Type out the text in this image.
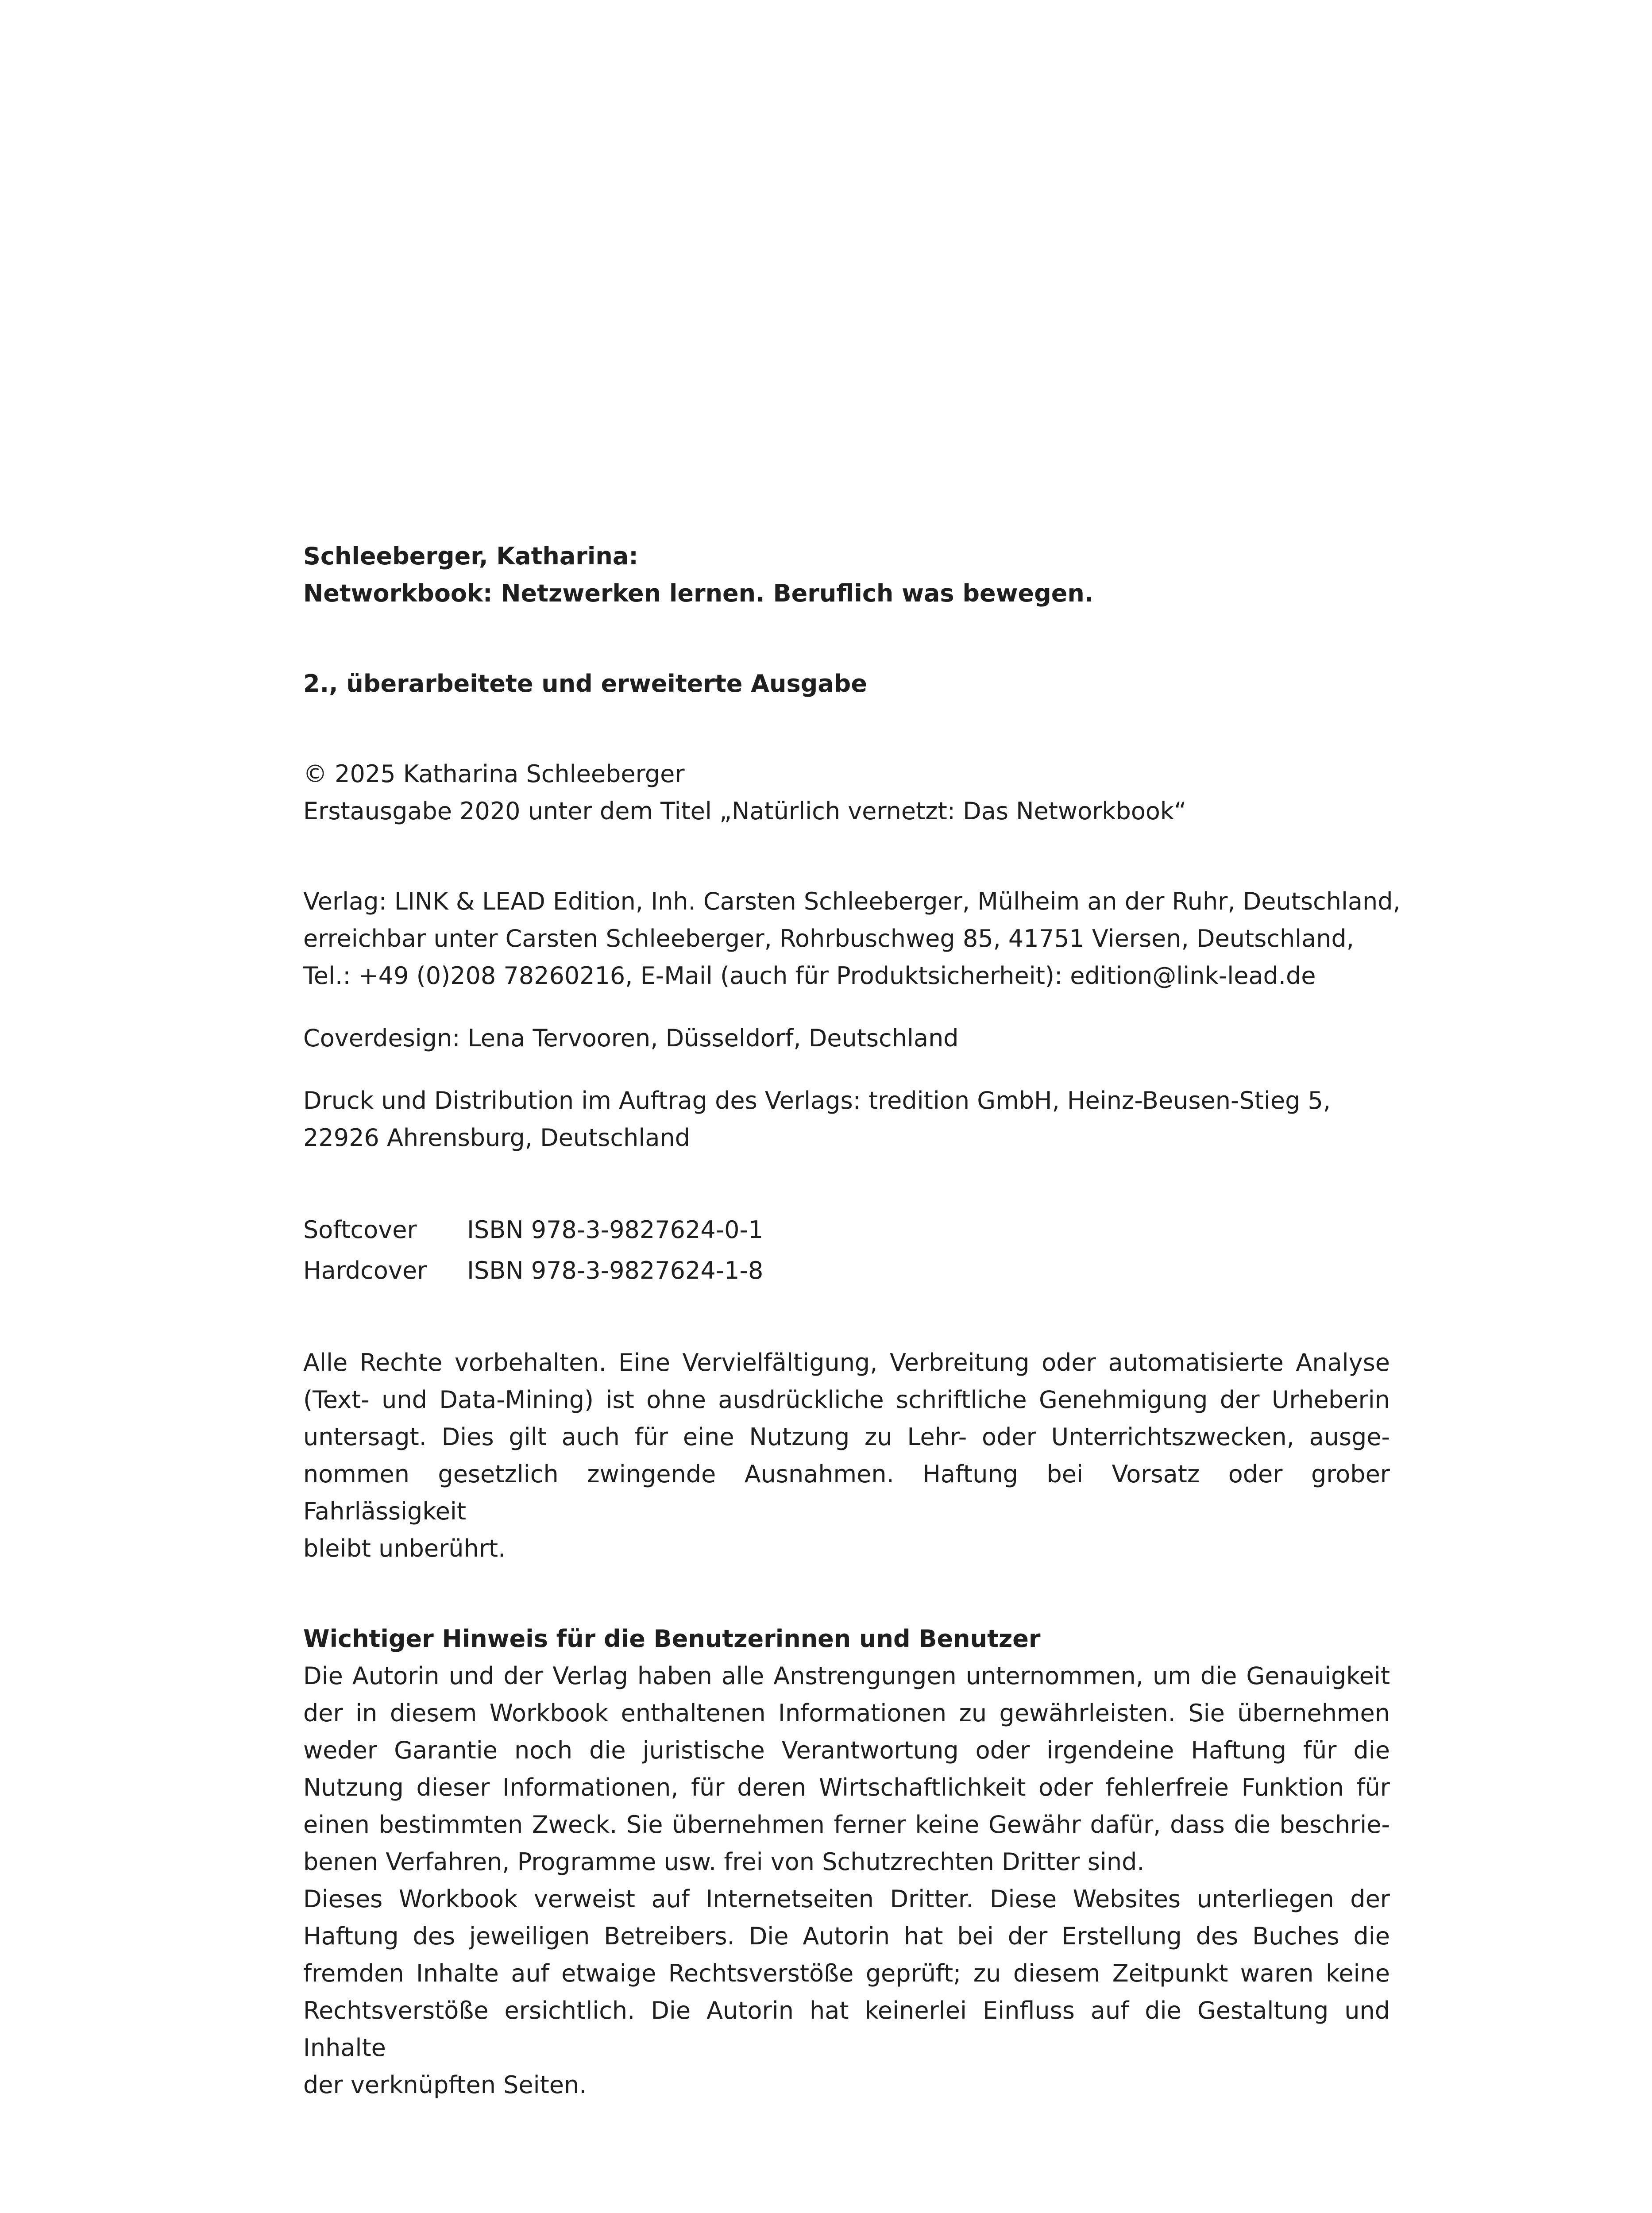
Schleeberger, Katharina:
Networkbook: Netzwerken lernen. Beruflich was bewegen.
2., überarbeitete und erweiterte Ausgabe
© 2025 Katharina Schleeberger
Erstausgabe 2020 unter dem Titel „Natürlich vernetzt: Das Networkbook“
Verlag: LINK & LEAD Edition, Inh. Carsten Schleeberger, Mülheim an der Ruhr, Deutschland,
erreichbar unter Carsten Schleeberger, Rohrbuschweg 85, 41751 Viersen, Deutschland,
Tel.: +49 (0)208 78260216, E-Mail (auch für Produktsicherheit): edition@link-lead.de
Coverdesign: Lena Tervooren, Düsseldorf, Deutschland
Druck und Distribution im Auftrag des Verlags: tredition GmbH, Heinz-Beusen-Stieg 5,
22926 Ahrensburg, Deutschland
Softcover	ISBN 978-3-9827624-0-1
Hardcover	ISBN 978-3-9827624-1-8
Alle Rechte vorbehalten. Eine Vervielfältigung, Verbreitung oder automatisierte Analyse
(Text- und Data-Mining) ist ohne ausdrückliche schriftliche Genehmigung der Urheberin
untersagt. Dies gilt auch für eine Nutzung zu Lehr- oder Unterrichtszwecken, ausge-
nommen gesetzlich zwingende Ausnahmen. Haftung bei Vorsatz oder grober Fahrlässigkeit
bleibt unberührt.
Wichtiger Hinweis für die Benutzerinnen und Benutzer
Die Autorin und der Verlag haben alle Anstrengungen unternommen, um die Genauigkeit
der in diesem Workbook enthaltenen Informationen zu gewährleisten. Sie übernehmen
weder Garantie noch die juristische Verantwortung oder irgendeine Haftung für die
Nutzung dieser Informationen, für deren Wirtschaftlichkeit oder fehlerfreie Funktion für
einen bestimmten Zweck. Sie übernehmen ferner keine Gewähr dafür, dass die beschrie-
benen Verfahren, Programme usw. frei von Schutzrechten Dritter sind.
Dieses Workbook verweist auf Internetseiten Dritter. Diese Websites unterliegen der
Haftung des jeweiligen Betreibers. Die Autorin hat bei der Erstellung des Buches die
fremden Inhalte auf etwaige Rechtsverstöße geprüft; zu diesem Zeitpunkt waren keine
Rechtsverstöße ersichtlich. Die Autorin hat keinerlei Einfluss auf die Gestaltung und Inhalte
der verknüpften Seiten.
